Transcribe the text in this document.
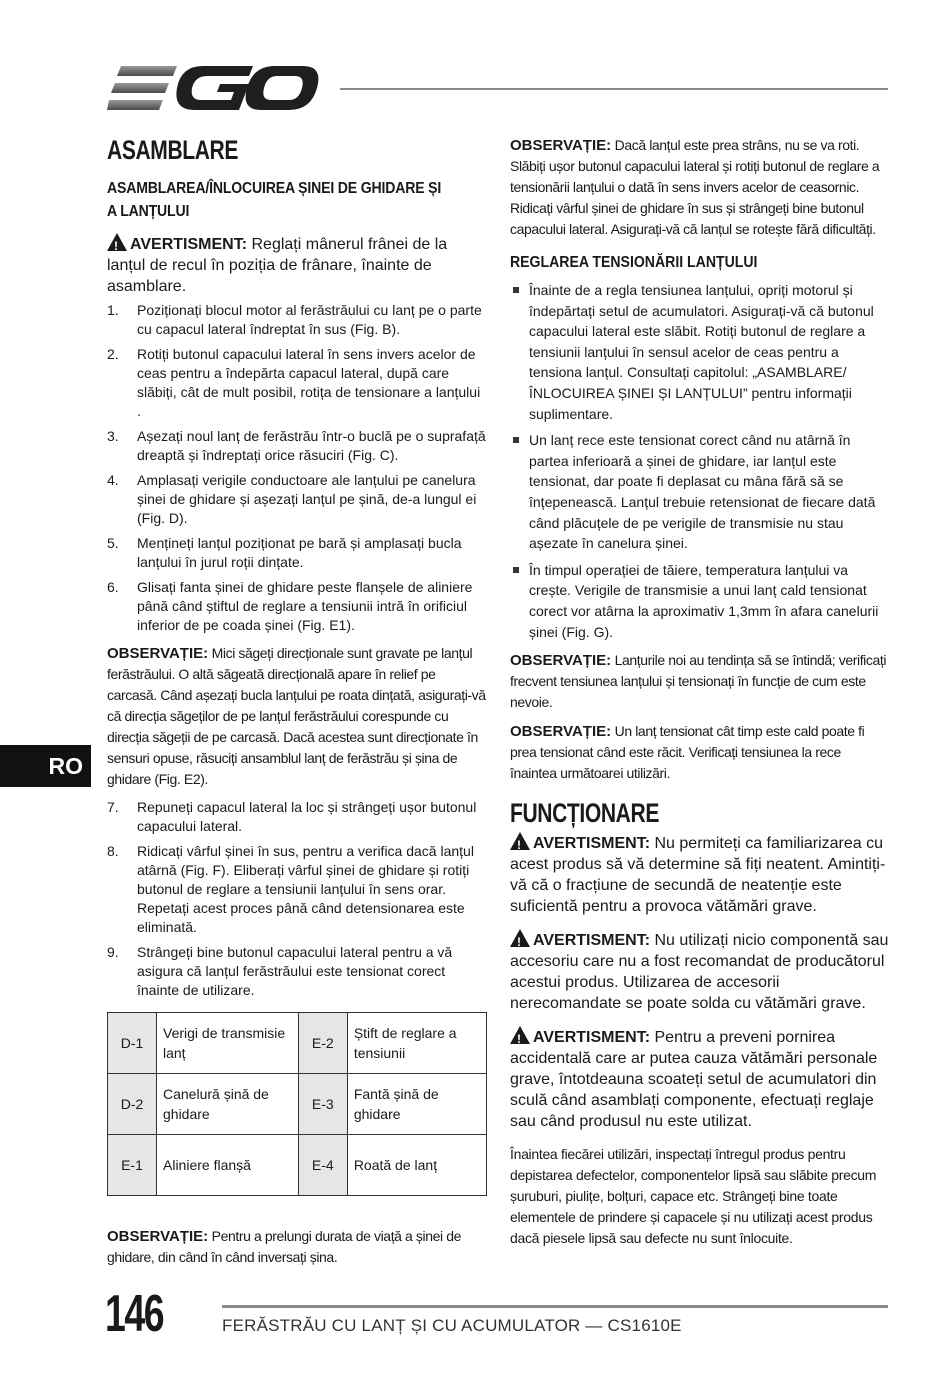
ASAMBLARE
ASAMBLAREA/ÎNLOCUIREA ȘINEI DE GHIDARE ȘI A LANȚULUI

!AVERTISMENT: Reglați mânerul frânei de la lanțul de recul în poziția de frânare, înainte de asamblare.

1.	Poziționați blocul motor al ferăstrăului cu lanț pe o parte cu capacul lateral îndreptat în sus (Fig. B).
2.	Rotiți butonul capacului lateral în sens invers acelor de ceas pentru a îndepărta capacul lateral, după care slăbiți, cât de mult posibil, rotița de tensionare a lanțului .
3.	Așezați noul lanț de ferăstrău într-o buclă pe o suprafață dreaptă și îndreptați orice răsuciri (Fig. C).
4.	Amplasați verigile conductoare ale lanțului pe canelura șinei de ghidare și așezați lanțul pe șină, de-a lungul ei (Fig. D).
5.	Mențineți lanțul poziționat pe bară și amplasați bucla lanțului în jurul roții dințate.
6.	Glisați fanta șinei de ghidare peste flanșele de aliniere până când știftul de reglare a tensiunii intră în orificiul inferior de pe coada șinei (Fig. E1).

OBSERVAȚIE: Mici săgeți direcționale sunt gravate pe lanțul ferăstrăului. O altă săgeată direcțională apare în relief pe carcasă. Când așezați bucla lanțului pe roata dințată, asigurați-vă că direcția săgeților de pe lanțul ferăstrăului corespunde cu direcția săgeții de pe carcasă. Dacă acestea sunt direcționate în sensuri opuse, răsuciți ansamblul lanț de ferăstrău și șina de ghidare (Fig. E2).

7.	Repuneți capacul lateral la loc și strângeți ușor butonul capacului lateral.
8.	Ridicați vârful șinei în sus, pentru a verifica dacă lanțul atârnă (Fig. F). Eliberați vârful șinei de ghidare și rotiți butonul de reglare a tensiunii lanțului în sens orar. Repetați acest proces până când detensionarea este eliminată.
9.	Strângeți bine butonul capacului lateral pentru a vă asigura că lanțul ferăstrăului este tensionat corect înainte de utilizare.
D-1	Verigi de transmisie lanț	E-2	Știft de reglare a tensiunii
D-2	Canelură șină de ghidare	E-3	Fantă șină de ghidare
E-1	Aliniere flanșă	E-4	Roată de lanț

OBSERVAȚIE: Pentru a prelungi durata de viață a șinei de ghidare, din când în când inversați șina.

OBSERVAȚIE: Dacă lanțul este prea strâns, nu se va roti. Slăbiți ușor butonul capacului lateral și rotiți butonul de reglare a tensionării lanțului o dată în sens invers acelor de ceasornic. Ridicați vârful șinei de ghidare în sus și strângeți bine butonul capacului lateral. Asigurați-vă că lanțul se rotește fără dificultăți.

REGLAREA TENSIONĂRII LANȚULUI
Înainte de a regla tensiunea lanțului, opriți motorul și îndepărtați setul de acumulatori. Asigurați-vă că butonul capacului lateral este slăbit. Rotiți butonul de reglare a tensiunii lanțului în sensul acelor de ceas pentru a tensiona lanțul. Consultați capitolul: „ASAMBLARE/ ÎNLOCUIREA ȘINEI ȘI LANȚULUI” pentru informații suplimentare.
Un lanț rece este tensionat corect când nu atârnă în partea inferioară a șinei de ghidare, iar lanțul este tensionat, dar poate fi deplasat cu mâna fără să se înțepenească. Lanțul trebuie retensionat de fiecare dată când plăcuțele de pe verigile de transmisie nu stau așezate în canelura șinei.
În timpul operației de tăiere, temperatura lanțului va crește. Verigile de transmisie a unui lanț cald tensionat corect vor atârna la aproximativ 1,3mm în afara canelurii șinei (Fig. G).

OBSERVAȚIE: Lanțurile noi au tendința să se întindă; verificați frecvent tensiunea lanțului și tensionați în funcție de cum este nevoie.

OBSERVAȚIE: Un lanț tensionat cât timp este cald poate fi prea tensionat când este răcit. Verificați tensiunea la rece înaintea următoarei utilizări.

FUNCȚIONARE

!AVERTISMENT: Nu permiteți ca familiarizarea cu acest produs să vă determine să fiți neatent. Amintiți-vă că o fracțiune de secundă de neatenție este suficientă pentru a provoca vătămări grave.

!AVERTISMENT: Nu utilizați nicio componentă sau accesoriu care nu a fost recomandat de producătorul acestui produs. Utilizarea de accesorii nerecomandate se poate solda cu vătămări grave.

!AVERTISMENT: Pentru a preveni pornirea accidentală care ar putea cauza vătămări personale grave, întotdeauna scoateți setul de acumulatori din sculă când asamblați componente, efectuați reglaje sau când produsul nu este utilizat.

Înaintea fiecărei utilizări, inspectați întregul produs pentru depistarea defectelor, componentelor lipsă sau slăbite precum șuruburi, piulițe, bolțuri, capace etc. Strângeți bine toate elementele de prindere și capacele și nu utilizați acest produs dacă piesele lipsă sau defecte nu sunt înlocuite.

RO
146	FERĂSTRĂU CU LANȚ ȘI CU ACUMULATOR — CS1610E
